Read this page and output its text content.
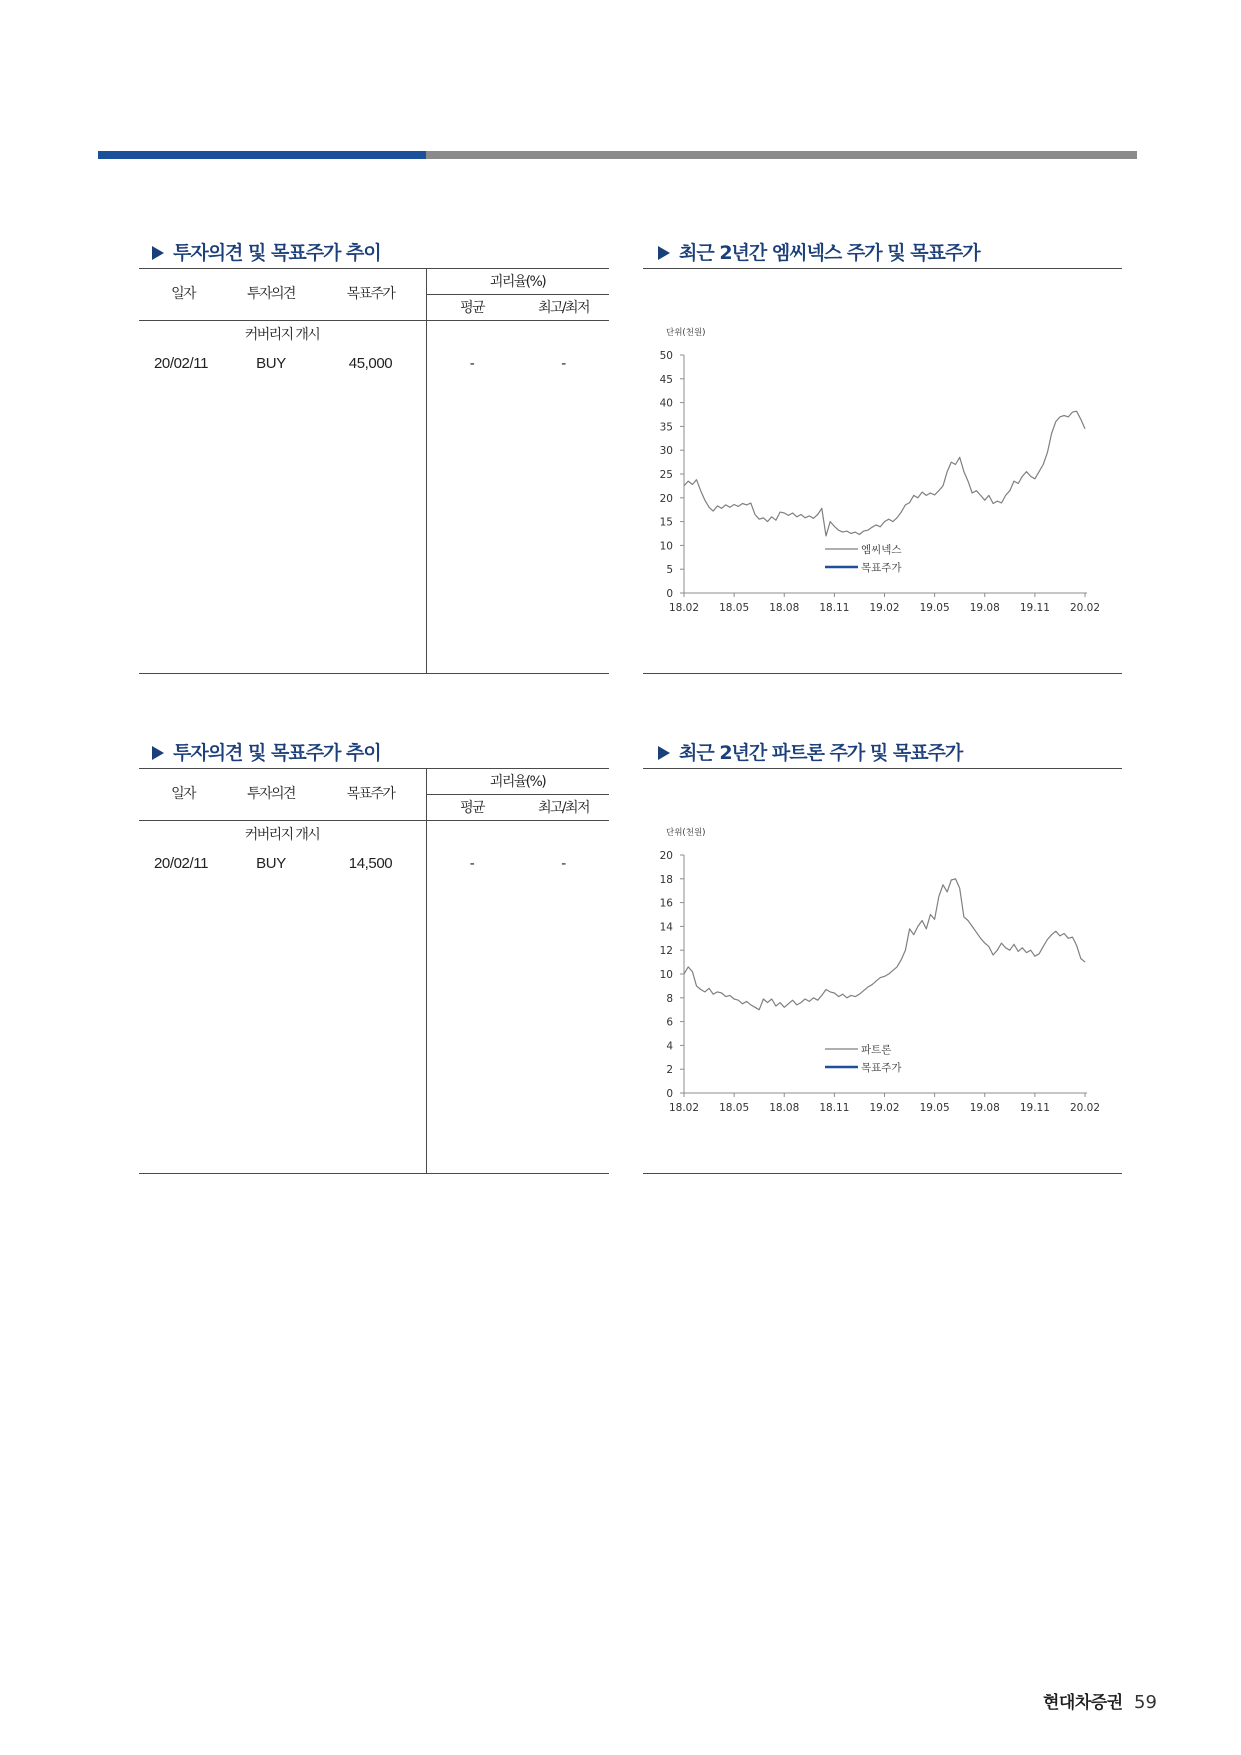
투자의견 및 목표주가 추이
일자	투자의견	목표주가
괴리율(%)
평균	최고/최저
커버리지 개시
20/02/11	BUY	45,000	-	-
최근 2년간 엠씨넥스 주가 및 목표주가
단위(천원)
0
5
10
15
20
25
30
35
40
45
50
18.02 18.05 18.08 18.11 19.02 19.05 19.08 19.11 20.02
엠씨넥스
목표주가
투자의견 및 목표주가 추이
일자	투자의견	목표주가
괴리율(%)
평균	최고/최저
커버리지 개시
20/02/11	BUY	14,500	-	-
최근 2년간 파트론 주가 및 목표주가
단위(천원)
0
2
4
6
8
10
12
14
16
18
20
18.02 18.05 18.08 18.11 19.02 19.05 19.08 19.11 20.02
파트론
목표주가
현대차증권 59
